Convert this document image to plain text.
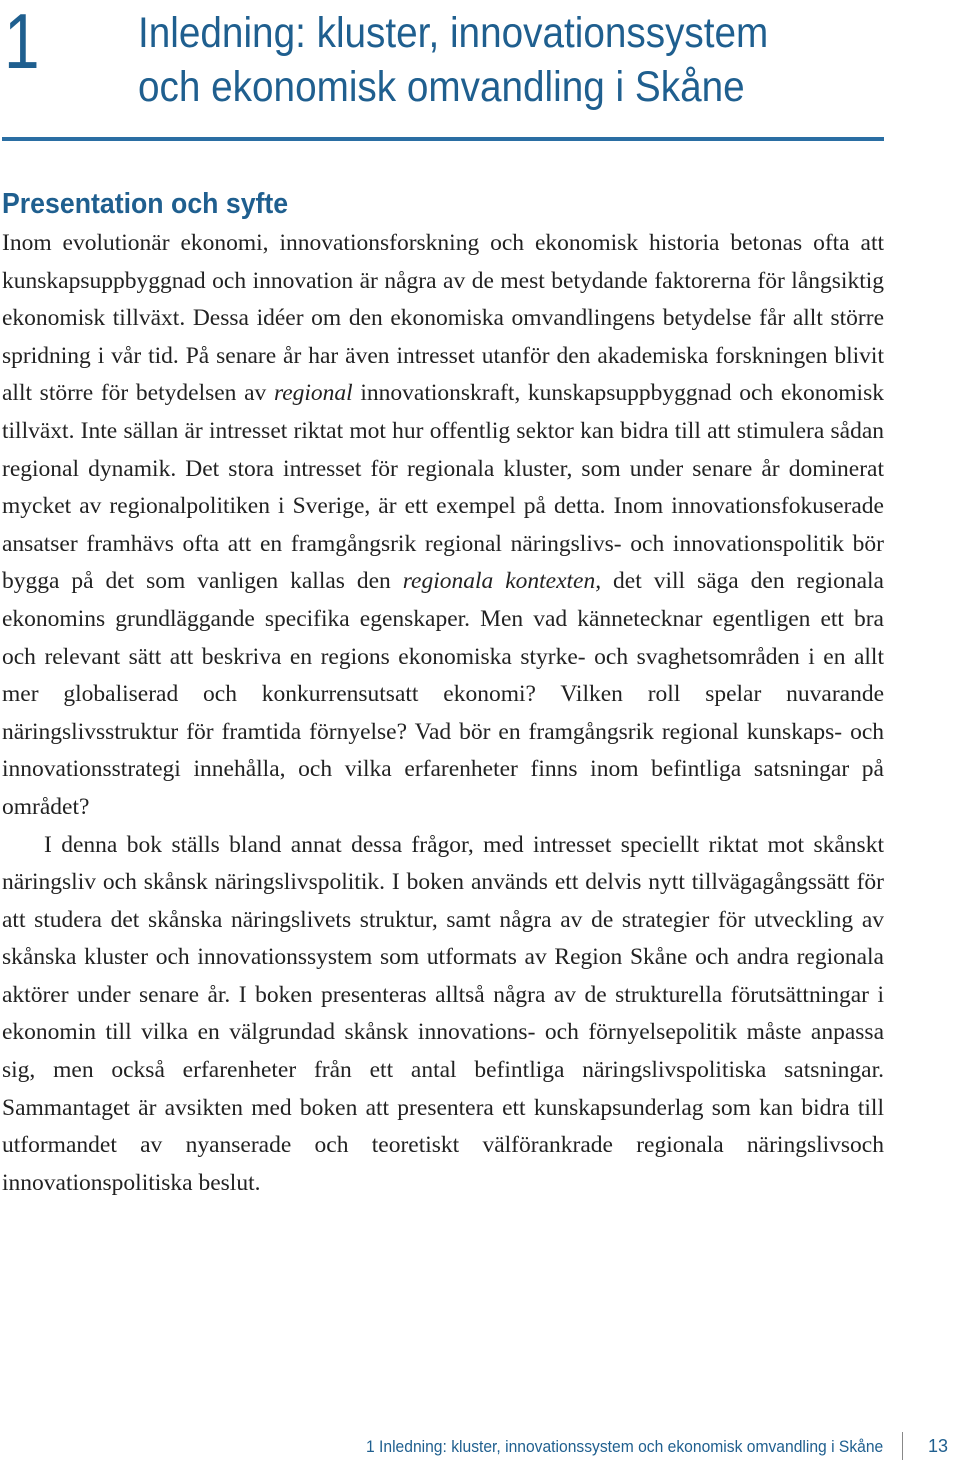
1 Inledning: kluster, innovationssystem
och ekonomisk omvandling i Skåne
Presentation och syfte

Inom evolutionär ekonomi, innovationsforskning och ekonomisk historia betonas ofta att kunskapsuppbyggnad och innovation är några av de mest betydande faktorerna för långsiktig ekonomisk tillväxt. Dessa idéer om den ekonomiska omvandlingens betydelse får allt större spridning i vår tid. På senare år har även intresset utanför den akademiska forskningen blivit allt större för betydelsen av regional innovationskraft, kunskapsuppbyggnad och ekonomisk tillväxt. Inte sällan är intresset riktat mot hur offentlig sektor kan bidra till att stimulera sådan regional dynamik. Det stora intresset för regionala kluster, som under senare år dominerat mycket av regionalpolitiken i Sverige, är ett exempel på detta. Inom innovationsfokuserade ansatser framhävs ofta att en framgångsrik regional näringslivs- och innovationspolitik bör bygga på det som vanligen kallas den regionala kontexten, det vill säga den regionala ekonomins grundläggande specifika egenskaper. Men vad kännetecknar egentligen ett bra och relevant sätt att beskriva en regions ekonomiska styrke- och svaghetsområden i en allt mer globaliserad och konkurrensutsatt ekonomi? Vilken roll spelar nuvarande näringslivsstruktur för framtida förnyelse? Vad bör en framgångsrik regional kunskaps- och innovationsstrategi innehålla, och vilka erfarenheter finns inom befintliga satsningar på området?

I denna bok ställs bland annat dessa frågor, med intresset speciellt riktat mot skånskt näringsliv och skånsk näringslivspolitik. I boken används ett delvis nytt tillvägagångssätt för att studera det skånska näringslivets struktur, samt några av de strategier för utveckling av skånska kluster och innovationssystem som utformats av Region Skåne och andra regionala aktörer under senare år. I boken presenteras alltså några av de strukturella förutsättningar i ekonomin till vilka en välgrundad skånsk innovations- och förnyelsepolitik måste anpassa sig, men också erfarenheter från ett antal befintliga näringslivspolitiska satsningar. Sammantaget är avsikten med boken att presentera ett kunskapsunderlag som kan bidra till utformandet av nyanserade och teoretiskt välförankrade regionala näringslivsoch innovationspolitiska beslut.

1 Inledning: kluster, innovationssystem och ekonomisk omvandling i Skåne	13
